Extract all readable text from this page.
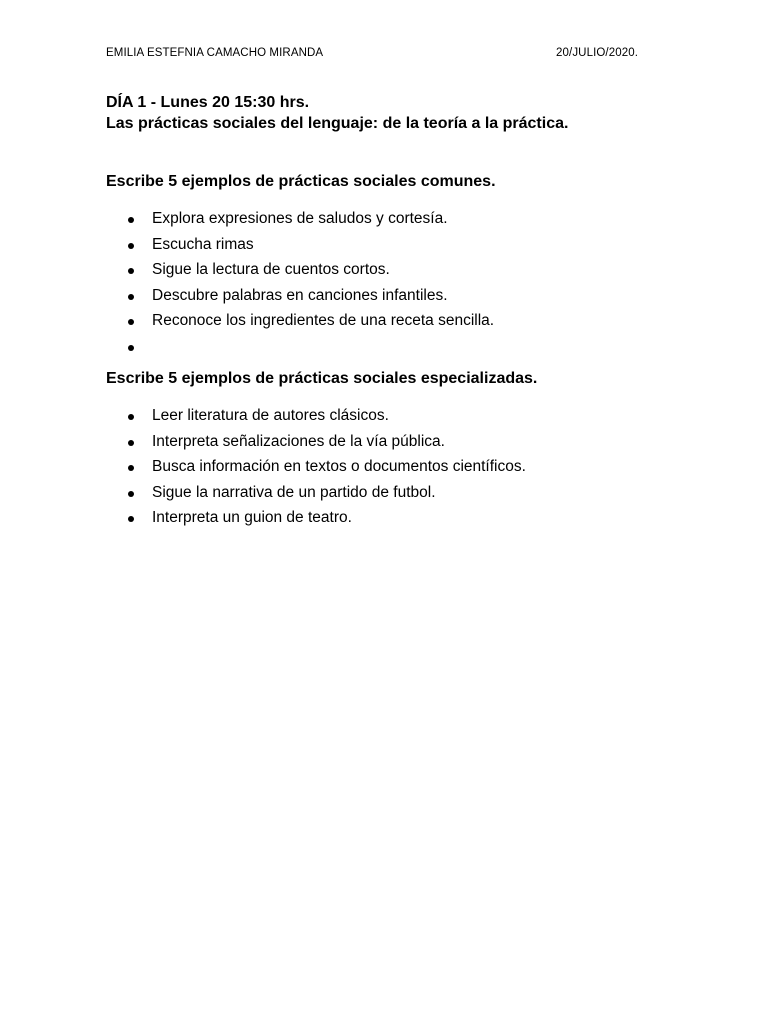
EMILIA ESTEFNIA CAMACHO MIRANDA	20/JULIO/2020.
DÍA 1 - Lunes 20 15:30 hrs.
Las prácticas sociales del lenguaje: de la teoría a la práctica.
Escribe 5 ejemplos de prácticas sociales comunes.
Explora expresiones de saludos y cortesía.
Escucha rimas
Sigue la lectura de cuentos cortos.
Descubre palabras en canciones infantiles.
Reconoce los ingredientes de una receta sencilla.
Escribe 5 ejemplos de prácticas sociales especializadas.
Leer literatura de autores clásicos.
Interpreta señalizaciones de la vía pública.
Busca información en textos o documentos científicos.
Sigue la narrativa de un partido de futbol.
Interpreta un guion de teatro.
